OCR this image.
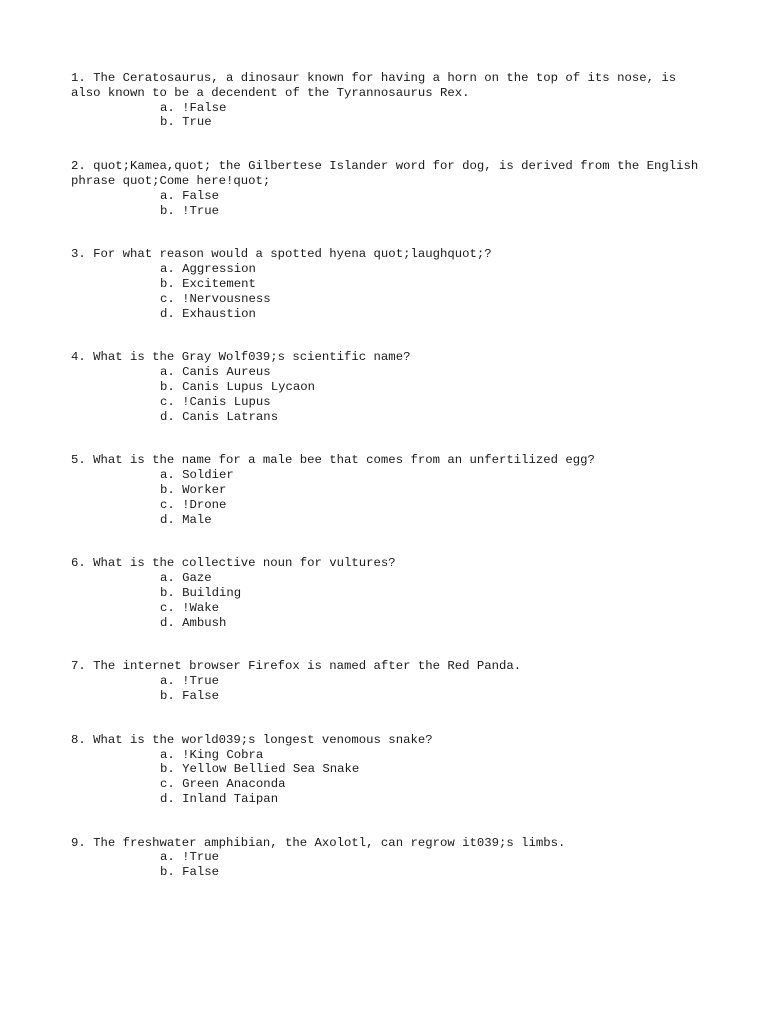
1. The Ceratosaurus, a dinosaur known for having a horn on the top of its nose, is also known to be a decendent of the Tyrannosaurus Rex.
a. !False
b. True
2. quot;Kamea,quot; the Gilbertese Islander word for dog, is derived from the English phrase quot;Come here!quot;
a. False
b. !True
3. For what reason would a spotted hyena quot;laughquot;?
a. Aggression
b. Excitement
c. !Nervousness
d. Exhaustion
4. What is the Gray Wolf039;s scientific name?
a. Canis Aureus
b. Canis Lupus Lycaon
c. !Canis Lupus
d. Canis Latrans
5. What is the name for a male bee that comes from an unfertilized egg?
a. Soldier
b. Worker
c. !Drone
d. Male
6. What is the collective noun for vultures?
a. Gaze
b. Building
c. !Wake
d. Ambush
7. The internet browser Firefox is named after the Red Panda.
a. !True
b. False
8. What is the world039;s longest venomous snake?
a. !King Cobra
b. Yellow Bellied Sea Snake
c. Green Anaconda
d. Inland Taipan
9. The freshwater amphibian, the Axolotl, can regrow it039;s limbs.
a. !True
b. False
